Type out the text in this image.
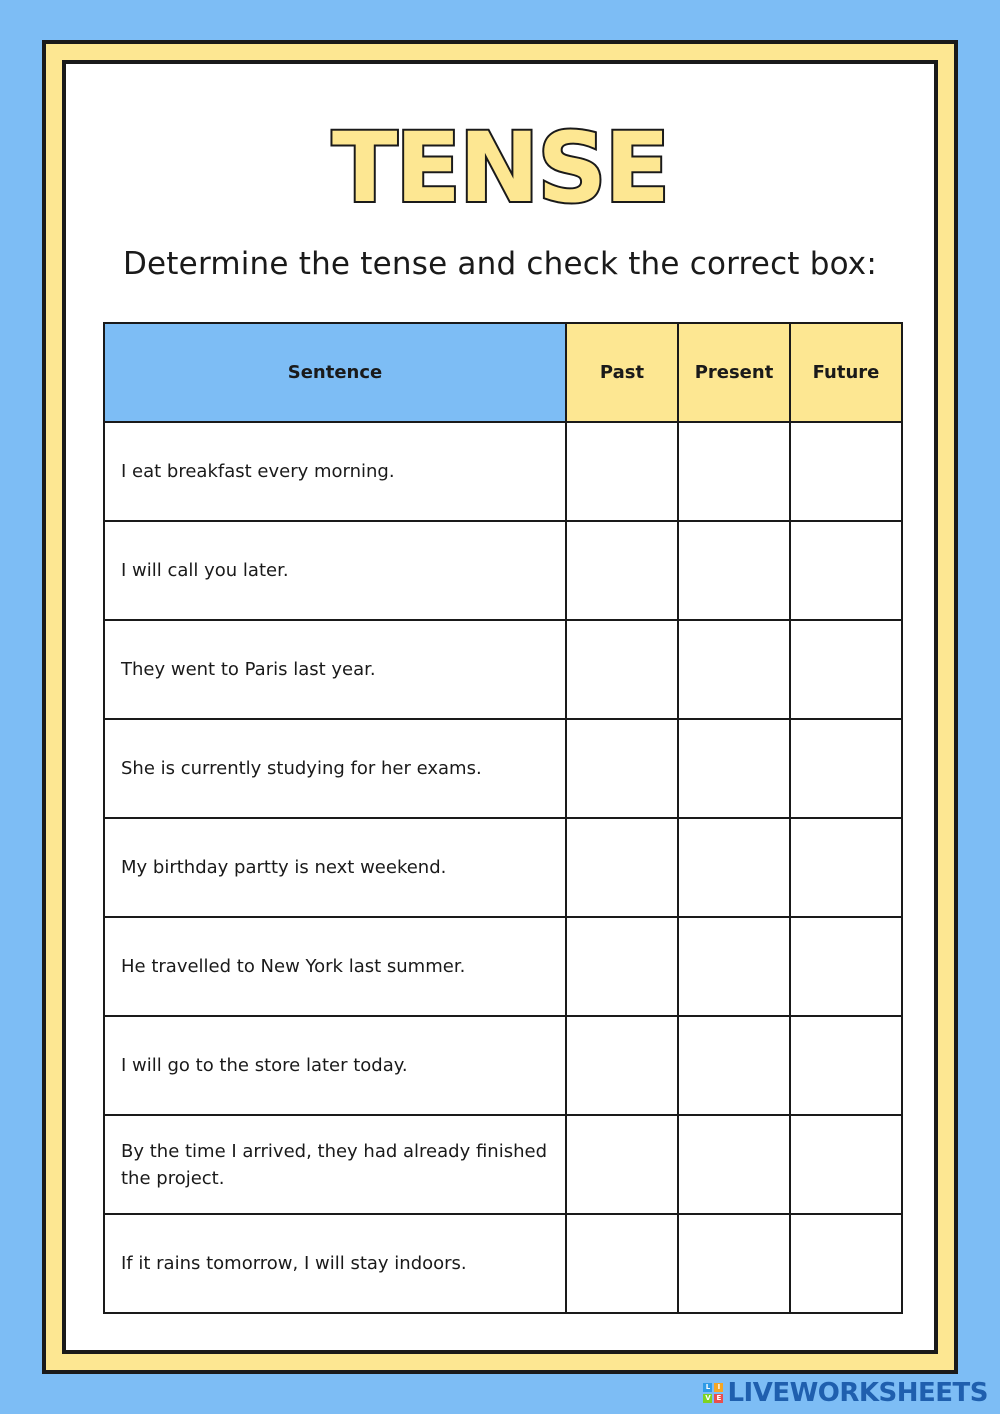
TENSE
Determine the tense and check the correct box:
Sentence	Past	Present	Future
I eat breakfast every morning.			
I will call you later.			
They went to Paris last year.			
She is currently studying for her exams.			
My birthday partty is next weekend.			
He travelled to New York last summer.			
I will go to the store later today.			
By the time I arrived, they had already finished the project.			
If it rains tomorrow, I will stay indoors.			
L	I
V E LIVEWORKSHEETS
